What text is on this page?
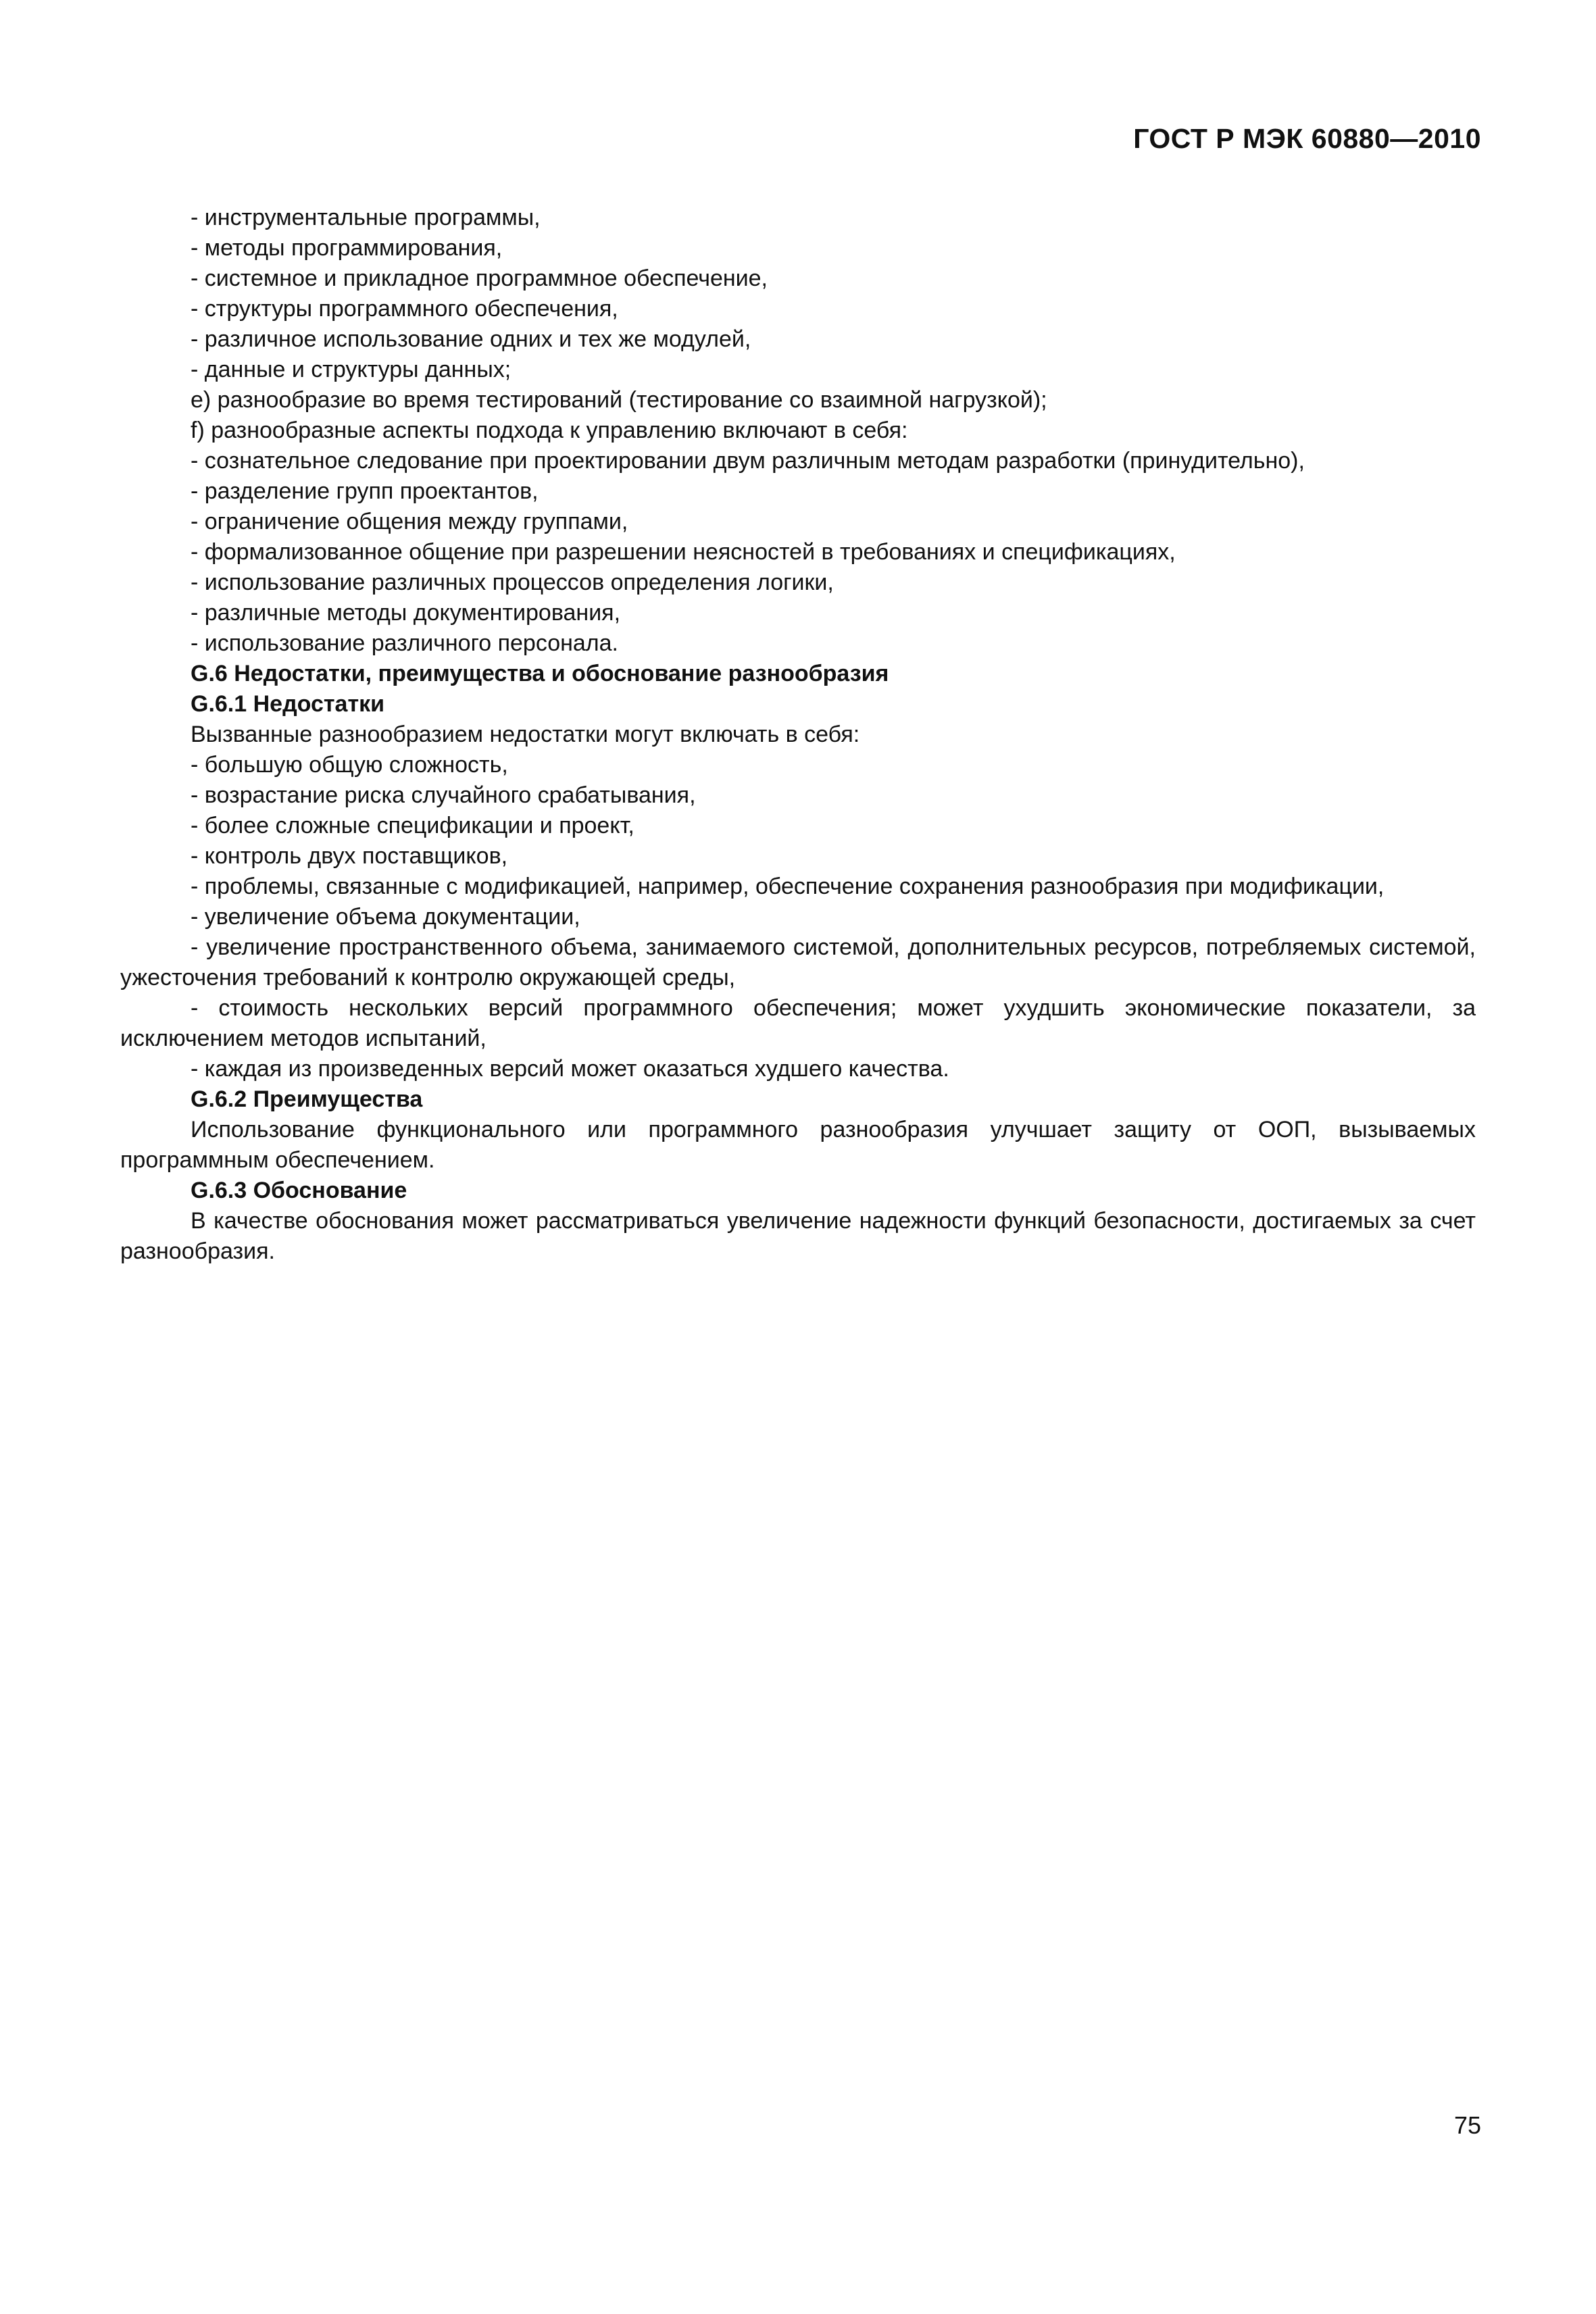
ГОСТ Р МЭК 60880—2010
- инструментальные программы,
- методы программирования,
- системное и прикладное программное обеспечение,
- структуры программного обеспечения,
- различное использование одних и тех же модулей,
- данные и структуры данных;
e) разнообразие во время тестирований (тестирование со взаимной нагрузкой);
f) разнообразные аспекты подхода к управлению включают в себя:
- сознательное следование при проектировании двум различным методам разработки (принудительно),
- разделение групп проектантов,
- ограничение общения между группами,
- формализованное общение при разрешении неясностей в требованиях и спецификациях,
- использование различных процессов определения логики,
- различные методы документирования,
- использование различного персонала.
G.6 Недостатки, преимущества и обоснование разнообразия
G.6.1 Недостатки
Вызванные разнообразием недостатки могут включать в себя:
- большую общую сложность,
- возрастание риска случайного срабатывания,
- более сложные спецификации и проект,
- контроль двух поставщиков,
- проблемы, связанные с модификацией, например, обеспечение сохранения разнообразия при модификации,
- увеличение объема документации,
- увеличение пространственного объема, занимаемого системой, дополнительных ресурсов, потребляемых системой, ужесточения требований к контролю окружающей среды,
- стоимость нескольких версий программного обеспечения; может ухудшить экономические показатели, за исключением методов испытаний,
- каждая из произведенных версий может оказаться худшего качества.
G.6.2 Преимущества
Использование функционального или программного разнообразия улучшает защиту от ООП, вызываемых программным обеспечением.
G.6.3 Обоснование
В качестве обоснования может рассматриваться увеличение надежности функций безопасности, достигаемых за счет разнообразия.
75
